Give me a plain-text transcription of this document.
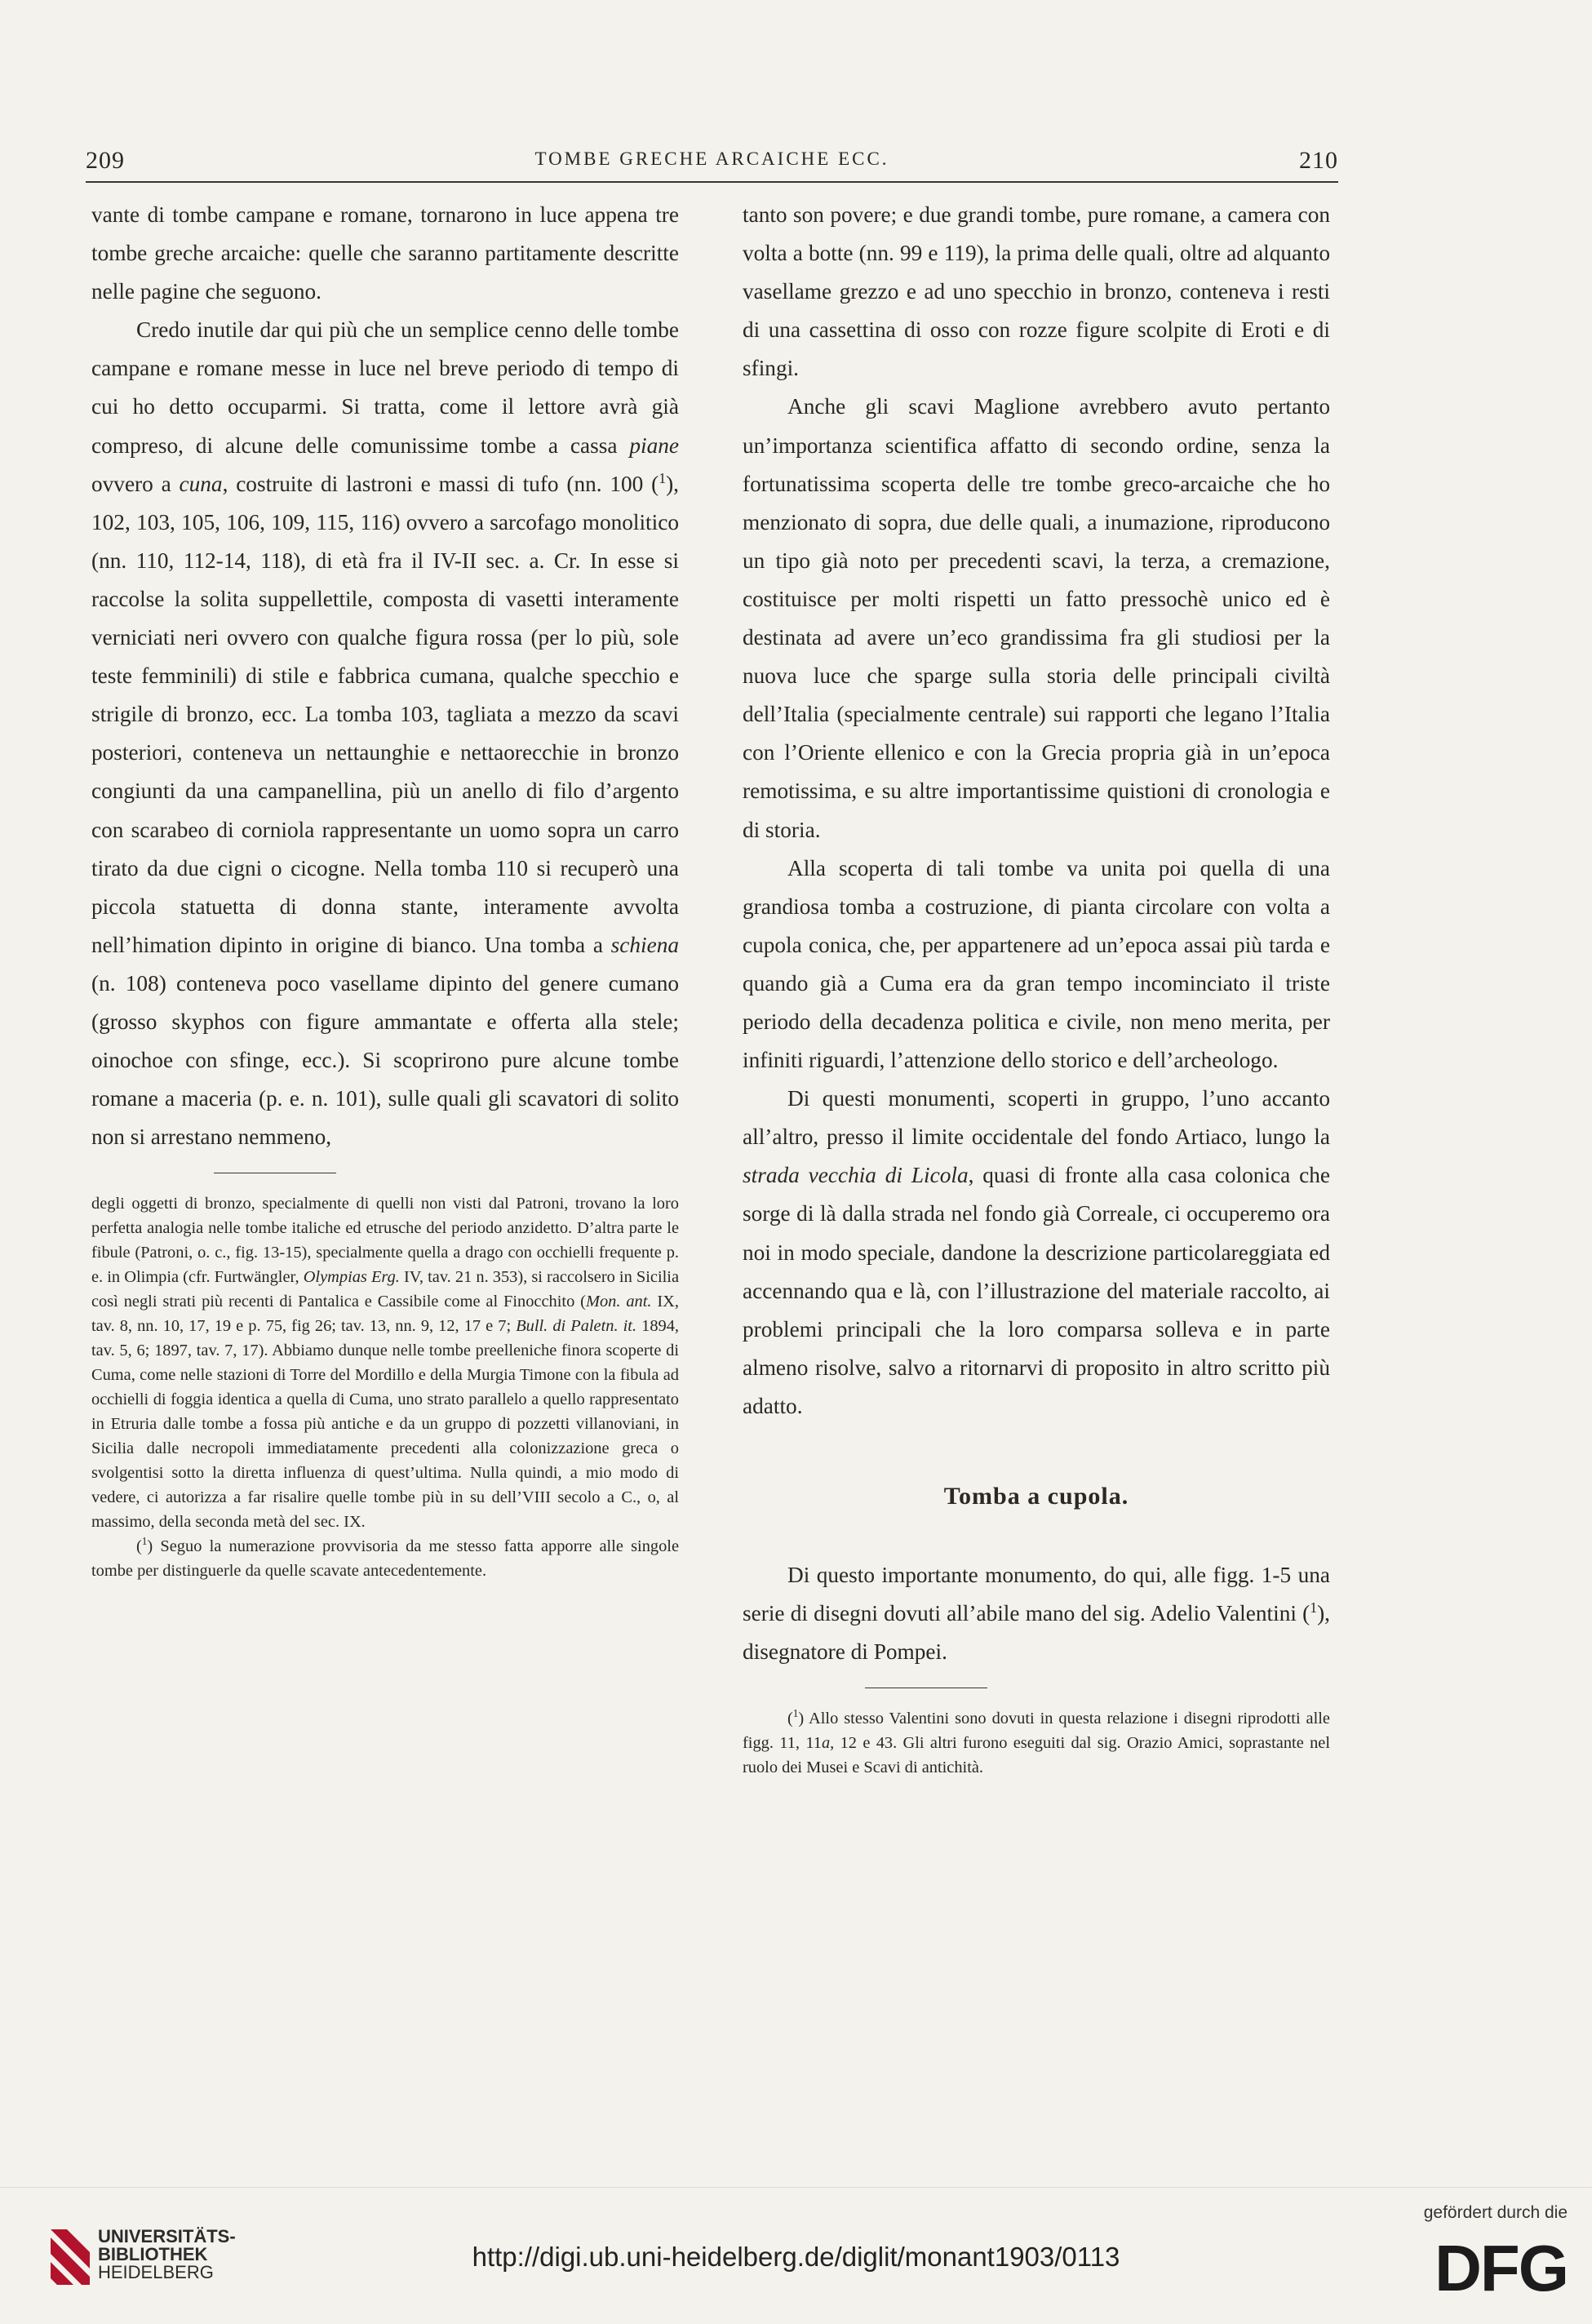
209	TOMBE GRECHE ARCAICHE ECC.	210

vante di tombe campane e romane, tornarono in luce appena tre tombe greche arcaiche: quelle che saranno partitamente descritte nelle pagine che seguono.

Credo inutile dar qui più che un semplice cenno delle tombe campane e romane messe in luce nel breve periodo di tempo di cui ho detto occuparmi. Si tratta, come il lettore avrà già compreso, di alcune delle comunissime tombe a cassa piane ovvero a cuna, costruite di lastroni e massi di tufo (nn. 100 ($^1$), 102, 103, 105, 106, 109, 115, 116) ovvero a sarcofago monolitico (nn. 110, 112-14, 118), di età fra il IV-II sec. a. Cr. In esse si raccolse la solita suppellettile, composta di vasetti interamente verniciati neri ovvero con qualche figura rossa (per lo più, sole teste femminili) di stile e fabbrica cumana, qualche specchio e strigile di bronzo, ecc. La tomba 103, tagliata a mezzo da scavi posteriori, conteneva un nettaunghie e nettaorecchie in bronzo congiunti da una campanellina, più un anello di filo d’argento con scarabeo di corniola rappresentante un uomo sopra un carro tirato da due cigni o cicogne. Nella tomba 110 si recuperò una piccola statuetta di donna stante, interamente avvolta nell’himation dipinto in origine di bianco. Una tomba a schiena (n. 108) conteneva poco vasellame dipinto del genere cumano (grosso skyphos con figure ammantate e offerta alla stele; oinochoe con sfinge, ecc.). Si scoprirono pure alcune tombe romane a maceria (p. e. n. 101), sulle quali gli scavatori di solito non si arrestano nemmeno,

degli oggetti di bronzo, specialmente di quelli non visti dal Patroni, trovano la loro perfetta analogia nelle tombe italiche ed etrusche del periodo anzidetto. D’altra parte le fibule (Patroni, o. c., fig. 13-15), specialmente quella a drago con occhielli frequente p. e. in Olimpia (cfr. Furtwängler, Olympias Erg. IV, tav. 21 n. 353), si raccolsero in Sicilia così negli strati più recenti di Pantalica e Cassibile come al Finocchito (Mon. ant. IX, tav. 8, nn. 10, 17, 19 e p. 75, fig 26; tav. 13, nn. 9, 12, 17 e 7; Bull. di Paletn. it. 1894, tav. 5, 6; 1897, tav. 7, 17). Abbiamo dunque nelle tombe preelleniche finora scoperte di Cuma, come nelle stazioni di Torre del Mordillo e della Murgia Timone con la fibula ad occhielli di foggia identica a quella di Cuma, uno strato parallelo a quello rappresentato in Etruria dalle tombe a fossa più antiche e da un gruppo di pozzetti villanoviani, in Sicilia dalle necropoli immediatamente precedenti alla colonizzazione greca o svolgentisi sotto la diretta influenza di quest’ultima. Nulla quindi, a mio modo di vedere, ci autorizza a far risalire quelle tombe più in su dell’VIII secolo a C., o, al massimo, della seconda metà del sec. IX.

($^1$) Seguo la numerazione provvisoria da me stesso fatta apporre alle singole tombe per distinguerle da quelle scavate antecedentemente.

tanto son povere; e due grandi tombe, pure romane, a camera con volta a botte (nn. 99 e 119), la prima delle quali, oltre ad alquanto vasellame grezzo e ad uno specchio in bronzo, conteneva i resti di una cassettina di osso con rozze figure scolpite di Eroti e di sfingi.

Anche gli scavi Maglione avrebbero avuto pertanto un’importanza scientifica affatto di secondo ordine, senza la fortunatissima scoperta delle tre tombe greco-arcaiche che ho menzionato di sopra, due delle quali, a inumazione, riproducono un tipo già noto per precedenti scavi, la terza, a cremazione, costituisce per molti rispetti un fatto pressochè unico ed è destinata ad avere un’eco grandissima fra gli studiosi per la nuova luce che sparge sulla storia delle principali civiltà dell’Italia (specialmente centrale) sui rapporti che legano l’Italia con l’Oriente ellenico e con la Grecia propria già in un’epoca remotissima, e su altre importantissime quistioni di cronologia e di storia.

Alla scoperta di tali tombe va unita poi quella di una grandiosa tomba a costruzione, di pianta circolare con volta a cupola conica, che, per appartenere ad un’epoca assai più tarda e quando già a Cuma era da gran tempo incominciato il triste periodo della decadenza politica e civile, non meno merita, per infiniti riguardi, l’attenzione dello storico e dell’archeologo.

Di questi monumenti, scoperti in gruppo, l’uno accanto all’altro, presso il limite occidentale del fondo Artiaco, lungo la strada vecchia di Licola, quasi di fronte alla casa colonica che sorge di là dalla strada nel fondo già Correale, ci occuperemo ora noi in modo speciale, dandone la descrizione particolareggiata ed accennando qua e là, con l’illustrazione del materiale raccolto, ai problemi principali che la loro comparsa solleva e in parte almeno risolve, salvo a ritornarvi di proposito in altro scritto più adatto.

Tomba a cupola.

Di questo importante monumento, do qui, alle figg. 1-5 una serie di disegni dovuti all’abile mano del sig. Adelio Valentini ($^1$), disegnatore di Pompei.

($^1$) Allo stesso Valentini sono dovuti in questa relazione i disegni riprodotti alle figg. 11, 11a, 12 e 43. Gli altri furono eseguiti dal sig. Orazio Amici, soprastante nel ruolo dei Musei e Scavi di antichità.

UNIVERSITÄTS-
BIBLIOTHEK
HEIDELBERG
http://digi.ub.uni-heidelberg.de/diglit/monant1903/0113
gefördert durch die
DFG
